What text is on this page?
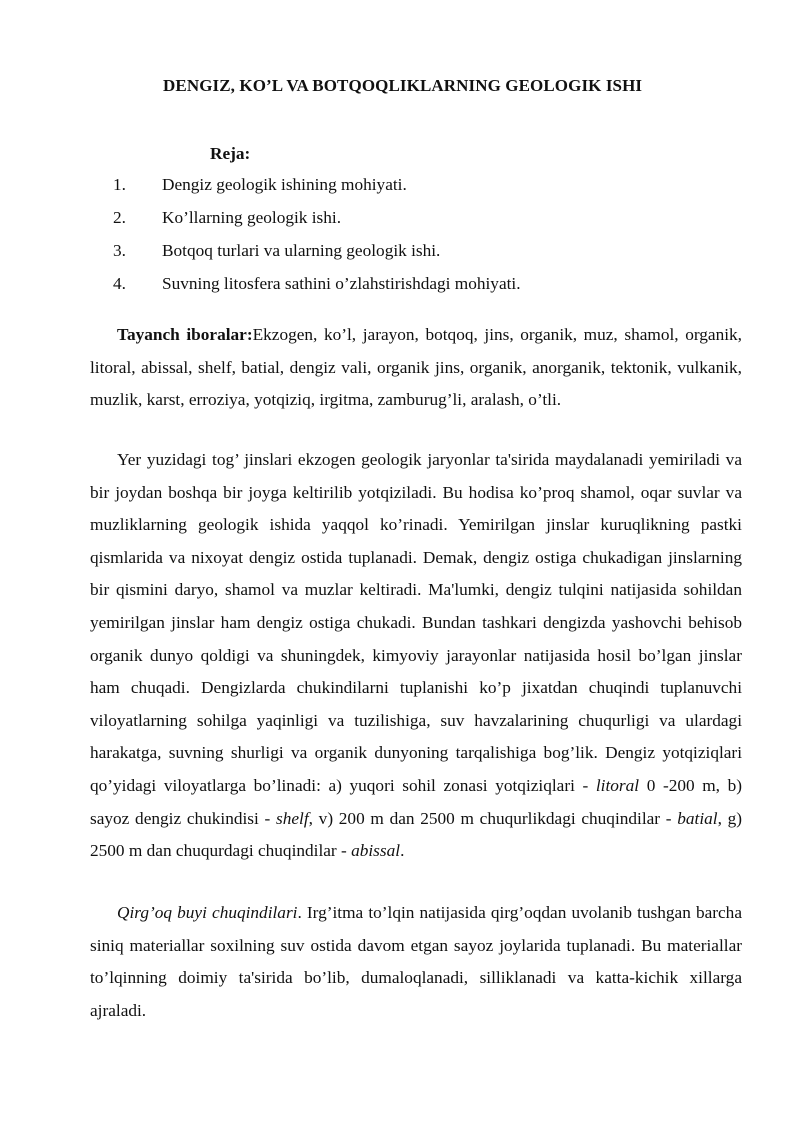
DENGIZ, KO’L VA BOTQOQLIKLARNING GEOLOGIK ISHI
Reja:
1.	Dengiz geologik ishining mohiyati.
2.	Ko’llarning geologik ishi.
3.	Botqoq turlari va ularning geologik ishi.
4.	Suvning litosfera sathini o’zlahstirishdagi mohiyati.

Tayanch iboralar:Ekzogen, ko’l, jarayon, botqoq, jins, organik, muz, shamol, organik, litoral, abissal, shelf, batial, dengiz vali, organik jins, organik, anorganik, tektonik, vulkanik, muzlik, karst, erroziya, yotqiziq, irgitma, zamburug’li, aralash, o’tli.

Yer yuzidagi tog’ jinslari ekzogen geologik jaryonlar ta'sirida maydalanadi yemiriladi va bir joydan boshqa bir joyga keltirilib yotqiziladi. Bu hodisa ko’proq shamol, oqar suvlar va muzliklarning geologik ishida yaqqol ko’rinadi. Yemirilgan jinslar kuruqlikning pastki qismlarida va nixoyat dengiz ostida tuplanadi. Demak, dengiz ostiga chukadigan jinslarning bir qismini daryo, shamol va muzlar keltiradi. Ma'lumki, dengiz tulqini natijasida sohildan yemirilgan jinslar ham dengiz ostiga chukadi. Bundan tashkari dengizda yashovchi behisob organik dunyo qoldigi va shuningdek, kimyoviy jarayonlar natijasida hosil bo’lgan jinslar ham chuqadi. Dengizlarda chukindilarni tuplanishi ko’p jixatdan chuqindi tuplanuvchi viloyatlarning sohilga yaqinligi va tuzilishiga, suv havzalarining chuqurligi va ulardagi harakatga, suvning shurligi va organik dunyoning tarqalishiga bog’lik. Dengiz yotqiziqlari qo’yidagi viloyatlarga bo’linadi: a) yuqori sohil zonasi yotqiziqlari - litoral 0 -200 m, b) sayoz dengiz chukindisi - shelf, v) 200 m dan 2500 m chuqurlikdagi chuqindilar - batial, g) 2500 m dan chuqurdagi chuqindilar - abissal.

Qirg’oq buyi chuqindilari. Irg’itma to’lqin natijasida qirg’oqdan uvolanib tushgan barcha siniq materiallar soxilning suv ostida davom etgan sayoz joylarida tuplanadi. Bu materiallar to’lqinning doimiy ta'sirida bo’lib, dumaloqlanadi, silliklanadi va katta-kichik xillarga ajraladi.
